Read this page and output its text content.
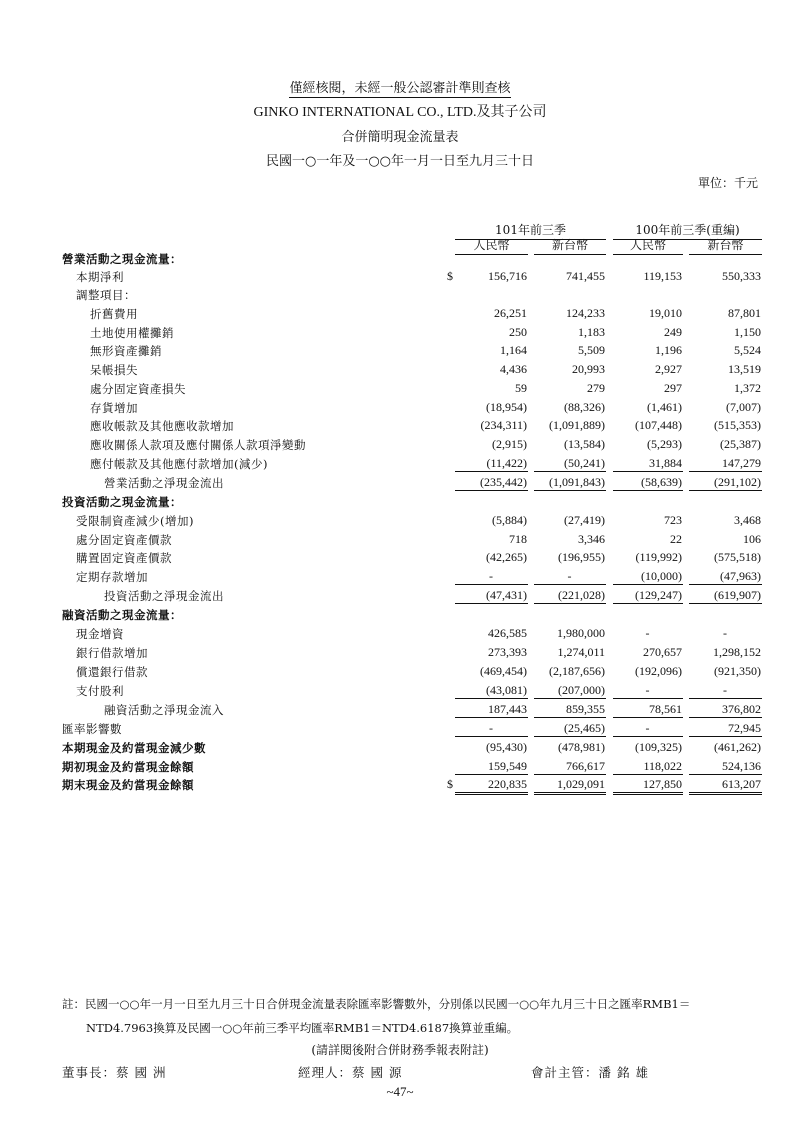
僅經核閱，未經一般公認審計準則查核
GINKO INTERNATIONAL CO., LTD.及其子公司
合併簡明現金流量表
民國一○一年及一○○年一月一日至九月三十日
單位：千元
101年前三季	100年前三季(重編)
人民幣	新台幣	人民幣	新台幣
營業活動之現金流量：
本期淨利	$	156,716	741,455	119,153	550,333
調整項目：
折舊費用	26,251	124,233	19,010	87,801
土地使用權攤銷	250	1,183	249	1,150
無形資產攤銷	1,164	5,509	1,196	5,524
呆帳損失	4,436	20,993	2,927	13,519
處分固定資產損失	59	279	297	1,372
存貨增加	(18,954)	(88,326)	(1,461)	(7,007)
應收帳款及其他應收款增加	(234,311)	(1,091,889)	(107,448)	(515,353)
應收關係人款項及應付關係人款項淨變動	(2,915)	(13,584)	(5,293)	(25,387)
應付帳款及其他應付款增加(減少)	(11,422)	(50,241)	31,884	147,279
營業活動之淨現金流出	(235,442)	(1,091,843)	(58,639)	(291,102)
投資活動之現金流量：
受限制資產減少(增加)	(5,884)	(27,419)	723	3,468
處分固定資產價款	718	3,346	22	106
購置固定資產價款	(42,265)	(196,955)	(119,992)	(575,518)
定期存款增加	-	-	(10,000)	(47,963)
投資活動之淨現金流出	(47,431)	(221,028)	(129,247)	(619,907)
融資活動之現金流量：
現金增資	426,585	1,980,000	-	-
銀行借款增加	273,393	1,274,011	270,657	1,298,152
償還銀行借款	(469,454)	(2,187,656)	(192,096)	(921,350)
支付股利	(43,081)	(207,000)	-	-
融資活動之淨現金流入	187,443	859,355	78,561	376,802
匯率影響數	-	(25,465)	-	72,945
本期現金及約當現金減少數	(95,430)	(478,981)	(109,325)	(461,262)
期初現金及約當現金餘額	159,549	766,617	118,022	524,136
期末現金及約當現金餘額	$	220,835	1,029,091	127,850	613,207
註：民國一○○年一月一日至九月三十日合併現金流量表除匯率影響數外，分別係以民國一○○年九月三十日之匯率RMB1＝
NTD4.7963換算及民國一○○年前三季平均匯率RMB1＝NTD4.6187換算並重編。
(請詳閱後附合併財務季報表附註)
董事長：蔡 國 洲	經理人：蔡 國 源	會計主管：潘 銘 雄
~47~
